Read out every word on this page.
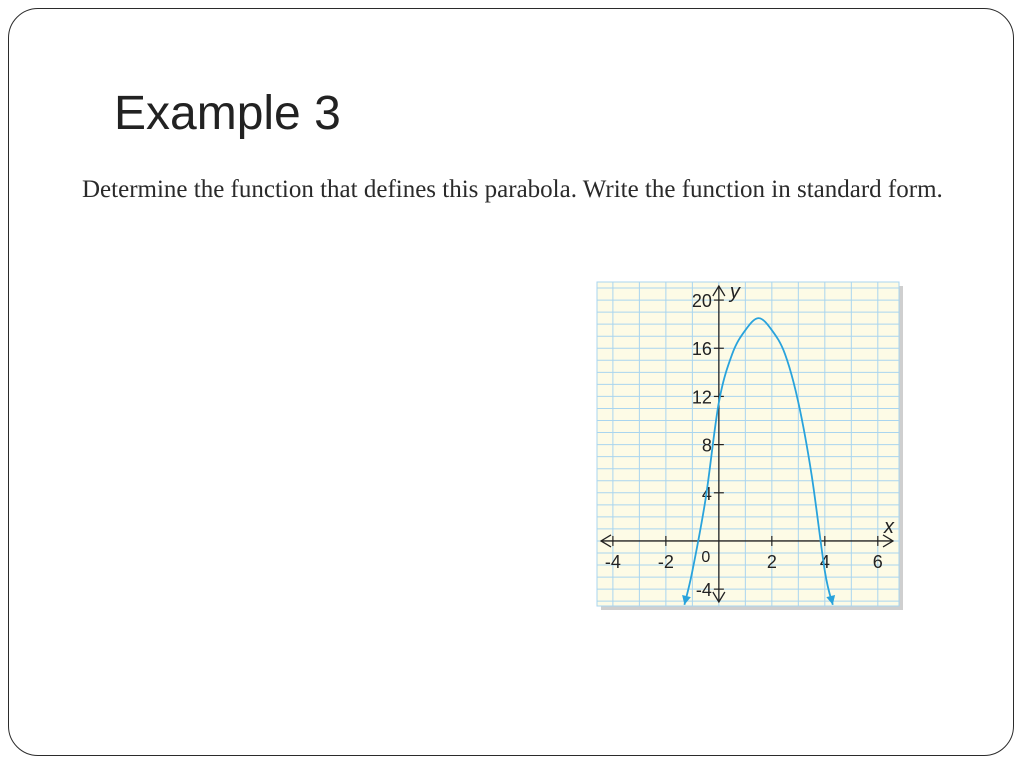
Example 3

Determine the function that defines this parabola. Write the function in standard form.

-4 -2	2 4 6
20
16
12
8
4
-4
0
x
y
